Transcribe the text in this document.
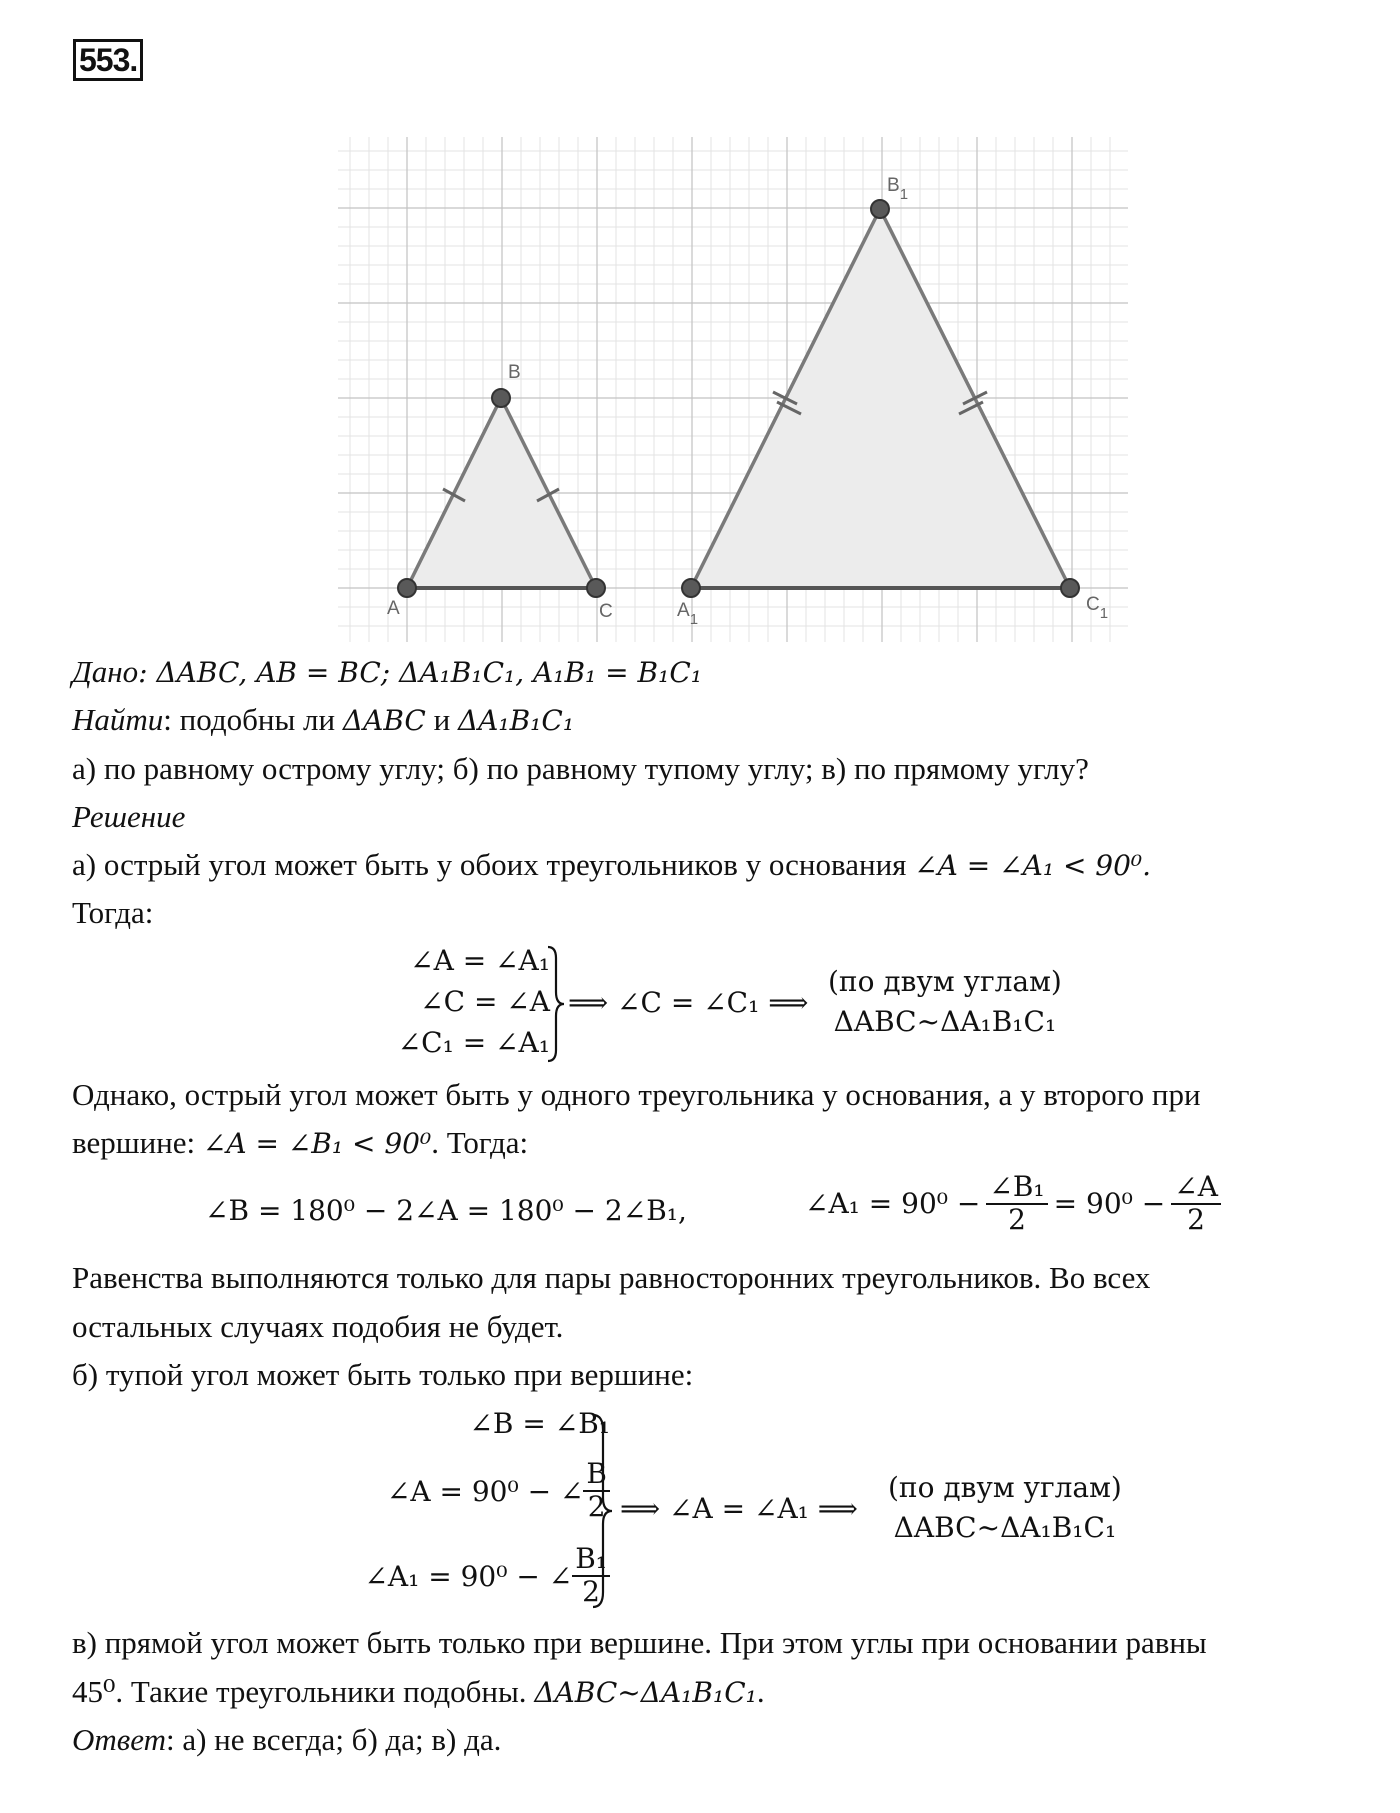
553.
A
B
C	$A_1$
$B_1$
$C_1$
Дано: ΔABC, AB = BC; ΔA₁B₁C₁, A₁B₁ = B₁C₁
Найти: подобны ли ΔABC и ΔA₁B₁C₁
а) по равному острому углу; б) по равному тупому углу; в) по прямому углу?
Решение
а) острый угол может быть у обоих треугольников у основания ∠A = ∠A₁ < 90⁰.
Тогда:
∠A = ∠A₁
∠C = ∠A
∠C₁ = ∠A₁
⟹ ∠C = ∠C₁ ⟹
(по двум углам)
ΔABC~ΔA₁B₁C₁
Однако, острый угол может быть у одного треугольника у основания, а у второго при
вершине: ∠A = ∠B₁ < 90⁰. Тогда:
∠B = 180⁰ − 2∠A = 180⁰ − 2∠B₁,	∠A₁ = $90^0 - \frac{\text{∠B₁}}{2} = 90^0 - \frac{\angle A}{2}$
Равенства выполняются только для пары равносторонних треугольников. Во всех
остальных случаях подобия не будет.
б) тупой угол может быть только при вершине:
∠B = ∠B₁
∠A = 90⁰ − ∠ $\frac{B}{2}$
∠A₁ = 90⁰ − ∠ $\frac{\text{B₁}}{2}$
⟹ ∠A = ∠A₁ ⟹
(по двум углам)
ΔABC~ΔA₁B₁C₁
в) прямой угол может быть только при вершине. При этом углы при основании равны
45⁰. Такие треугольники подобны. ΔABC~ΔA₁B₁C₁.
Ответ: а) не всегда; б) да; в) да.
